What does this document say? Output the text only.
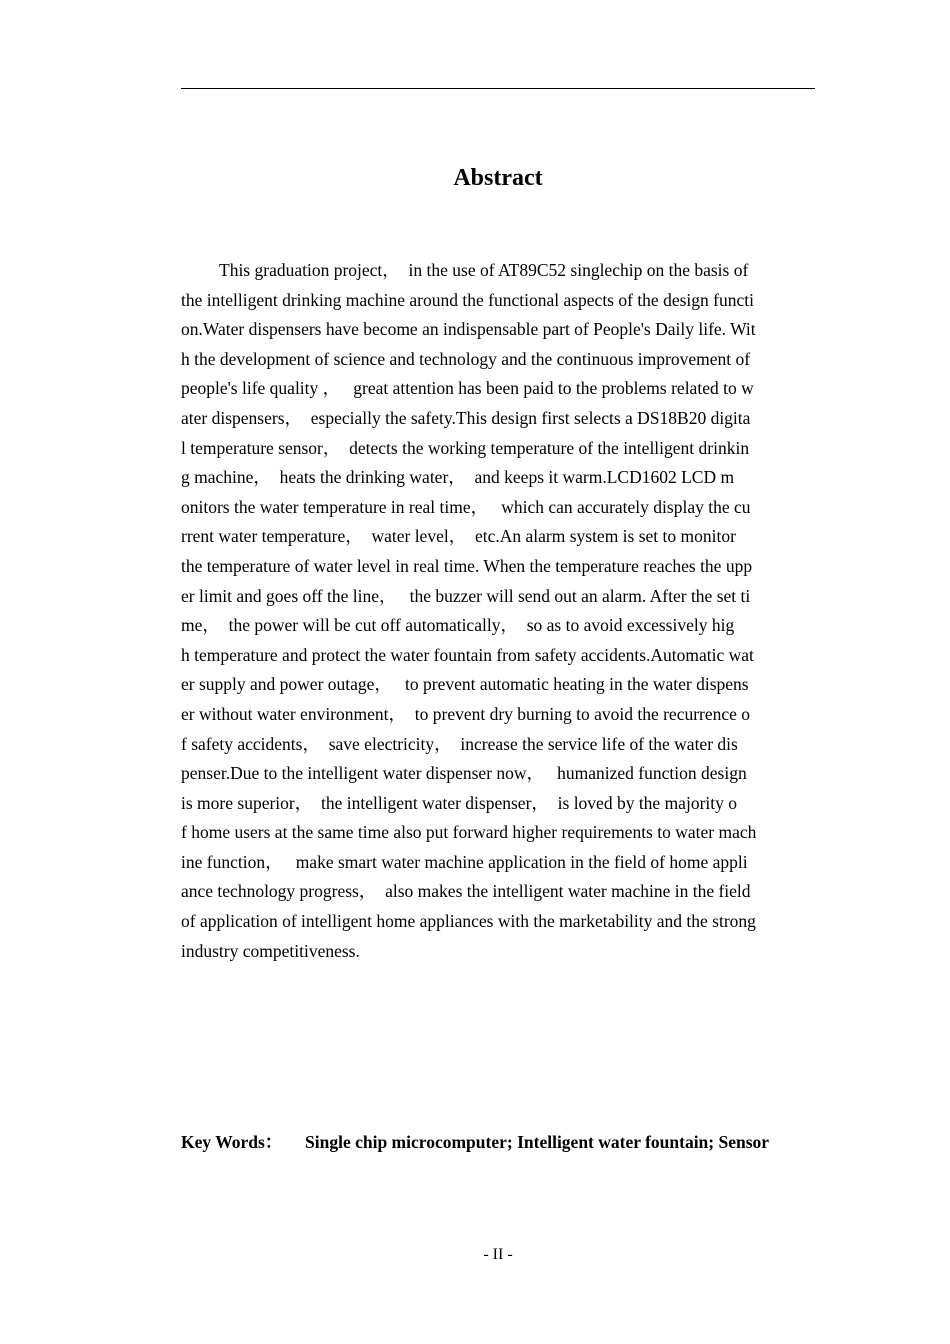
Abstract
This graduation project，  in the use of AT89C52 singlechip on the basis of
the intelligent drinking machine around the functional aspects of the design functi
on.Water dispensers have become an indispensable part of People's Daily life. Wit
h the development of science and technology and the continuous improvement of
people's life quality ，   great attention has been paid to the problems related to w
ater dispensers，  especially the safety.This design first selects a DS18B20 digita
l temperature sensor，  detects the working temperature of the intelligent drinkin
g machine，  heats the drinking water，  and keeps it warm.LCD1602 LCD m
onitors the water temperature in real time，   which can accurately display the cu
rrent water temperature，  water level，  etc.An alarm system is set to monitor
the temperature of water level in real time. When the temperature reaches the upp
er limit and goes off the line，   the buzzer will send out an alarm. After the set ti
me，  the power will be cut off automatically，  so as to avoid excessively hig
h temperature and protect the water fountain from safety accidents.Automatic wat
er supply and power outage，   to prevent automatic heating in the water dispens
er without water environment，  to prevent dry burning to avoid the recurrence o
f safety accidents，  save electricity，  increase the service life of the water dis
penser.Due to the intelligent water dispenser now，   humanized function design
is more superior，  the intelligent water dispenser，  is loved by the majority o
f home users at the same time also put forward higher requirements to water mach
ine function，   make smart water machine application in the field of home appli
ance technology progress，  also makes the intelligent water machine in the field
of application of intelligent home appliances with the marketability and the strong
industry competitiveness.
Key Words： Single chip microcomputer; Intelligent water fountain; Sensor
- II -
